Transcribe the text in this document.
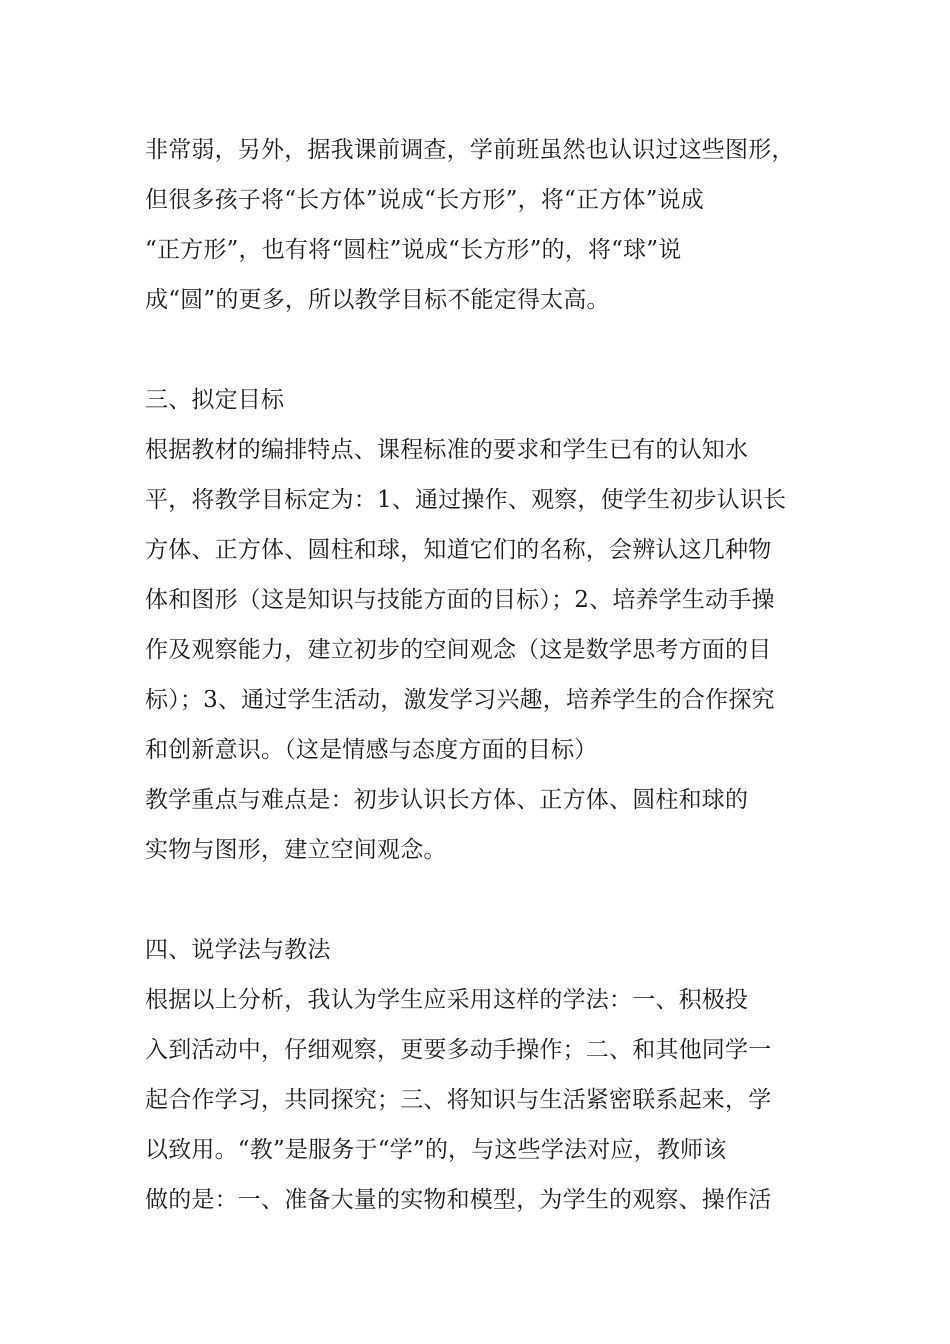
非常弱，另外，据我课前调查，学前班虽然也认识过这些图形，
但很多孩子将“长方体”说成“长方形”，将“正方体”说成
“正方形”，也有将“圆柱”说成“长方形”的，将“球”说
成“圆”的更多，所以教学目标不能定得太高。
三、拟定目标
根据教材的编排特点、课程标准的要求和学生已有的认知水
平，将教学目标定为：1、通过操作、观察，使学生初步认识长
方体、正方体、圆柱和球，知道它们的名称，会辨认这几种物
体和图形（这是知识与技能方面的目标）；2、培养学生动手操
作及观察能力，建立初步的空间观念（这是数学思考方面的目
标）；3、通过学生活动，激发学习兴趣，培养学生的合作探究
和创新意识。（这是情感与态度方面的目标）
教学重点与难点是：初步认识长方体、正方体、圆柱和球的
实物与图形，建立空间观念。
四、说学法与教法
根据以上分析，我认为学生应采用这样的学法：一、积极投
入到活动中，仔细观察，更要多动手操作；二、和其他同学一
起合作学习，共同探究；三、将知识与生活紧密联系起来，学
以致用。“教”是服务于“学”的，与这些学法对应，教师该
做的是：一、准备大量的实物和模型，为学生的观察、操作活
